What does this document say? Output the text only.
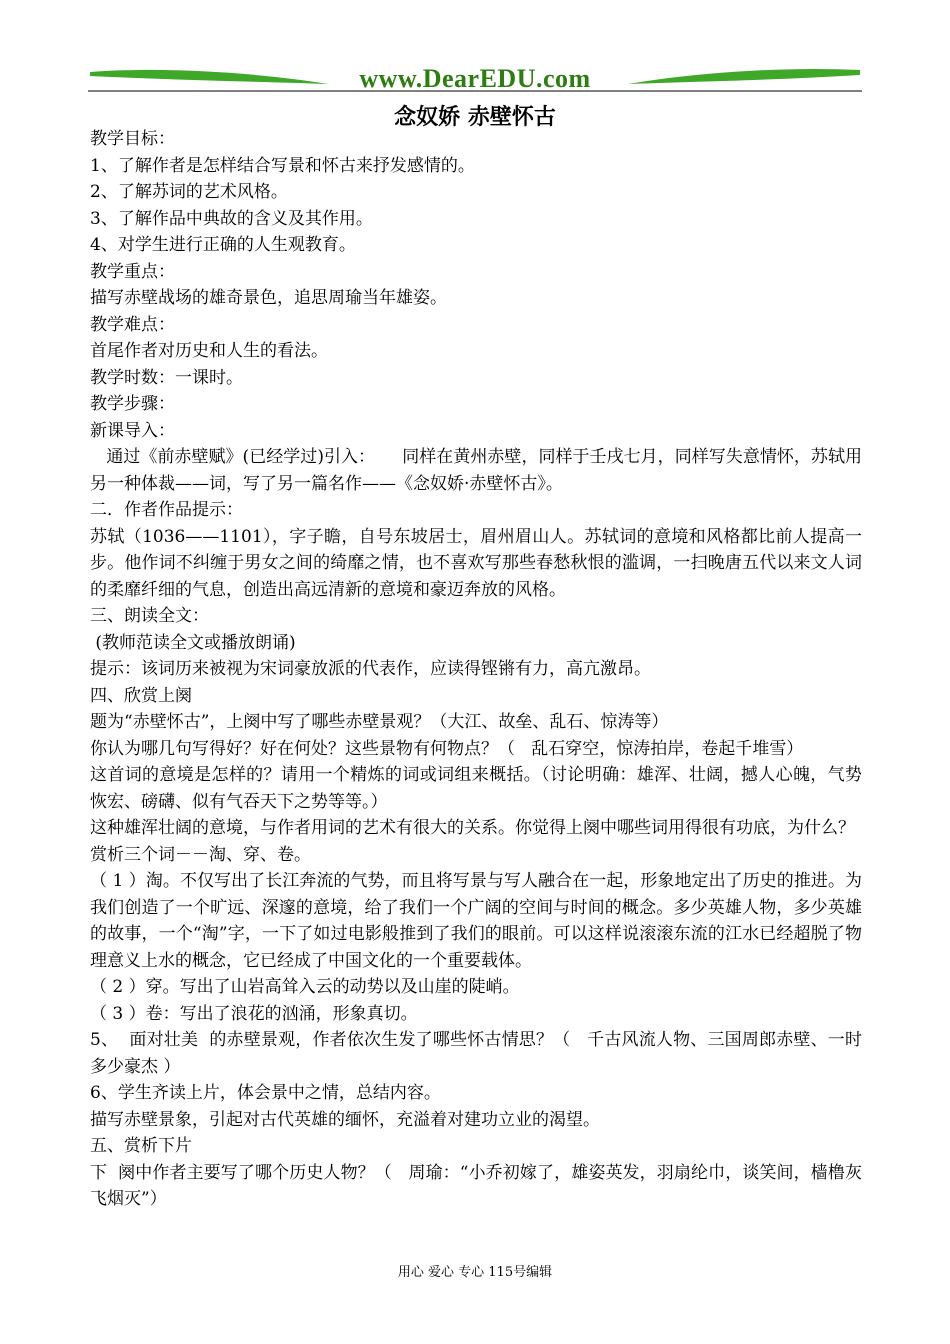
www.DearEDU.com
念奴娇 赤壁怀古

教学目标：

1、了解作者是怎样结合写景和怀古来抒发感情的。

2、了解苏词的艺术风格。

3、了解作品中典故的含义及其作用。

4、对学生进行正确的人生观教育。

教学重点：

描写赤壁战场的雄奇景色，追思周瑜当年雄姿。

教学难点：

首尾作者对历史和人生的看法。

教学时数：一课时。

教学步骤：

新课导入：

通过《前赤壁赋》(已经学过)引入：     同样在黄州赤壁，同样于壬戌七月，同样写失意情怀，苏轼用另一种体裁——词，写了另一篇名作——《念奴娇·赤壁怀古》。

二．作者作品提示：

苏轼（1036——1101），字子瞻，自号东坡居士，眉州眉山人。苏轼词的意境和风格都比前人提高一步。他作词不纠缠于男女之间的绮靡之情，也不喜欢写那些春愁秋恨的滥调，一扫晚唐五代以来文人词的柔靡纤细的气息，创造出高远清新的意境和豪迈奔放的风格。

三、朗读全文：

(教师范读全文或播放朗诵)

提示：该词历来被视为宋词豪放派的代表作，应读得铿锵有力，高亢激昂。

四、欣赏上阕

题为“赤壁怀古”，上阕中写了哪些赤壁景观？（大江、故垒、乱石、惊涛等）

你认为哪几句写得好？好在何处？这些景物有何物点？（   乱石穿空，惊涛拍岸，卷起千堆雪）

这首词的意境是怎样的？请用一个精炼的词或词组来概括。（讨论明确：雄浑、壮阔，撼人心魄，气势恢宏、磅礴、似有气吞天下之势等等。）

这种雄浑壮阔的意境，与作者用词的艺术有很大的关系。你觉得上阕中哪些词用得很有功底，为什么？

赏析三个词－－淘、穿、卷。

（ 1 ）淘。不仅写出了长江奔流的气势，而且将写景与写人融合在一起，形象地定出了历史的推进。为我们创造了一个旷远、深邃的意境，给了我们一个广阔的空间与时间的概念。多少英雄人物，多少英雄的故事，一个“淘”字，一下了如过电影般推到了我们的眼前。可以这样说滚滚东流的江水已经超脱了物理意义上水的概念，它已经成了中国文化的一个重要载体。

（ 2 ）穿。写出了山岩高耸入云的动势以及山崖的陡峭。

（ 3 ）卷：写出了浪花的汹涌，形象真切。

5、  面对壮美  的赤壁景观，作者依次生发了哪些怀古情思？（   千古风流人物、三国周郎赤壁、一时多少豪杰 ）

6、学生齐读上片，体会景中之情，总结内容。

描写赤壁景象，引起对古代英雄的缅怀，充溢着对建功立业的渴望。

五、赏析下片

下  阕中作者主要写了哪个历史人物？（   周瑜：“小乔初嫁了，雄姿英发，羽扇纶巾，谈笑间，樯橹灰飞烟灭”）

用心 爱心 专心 115号编辑
